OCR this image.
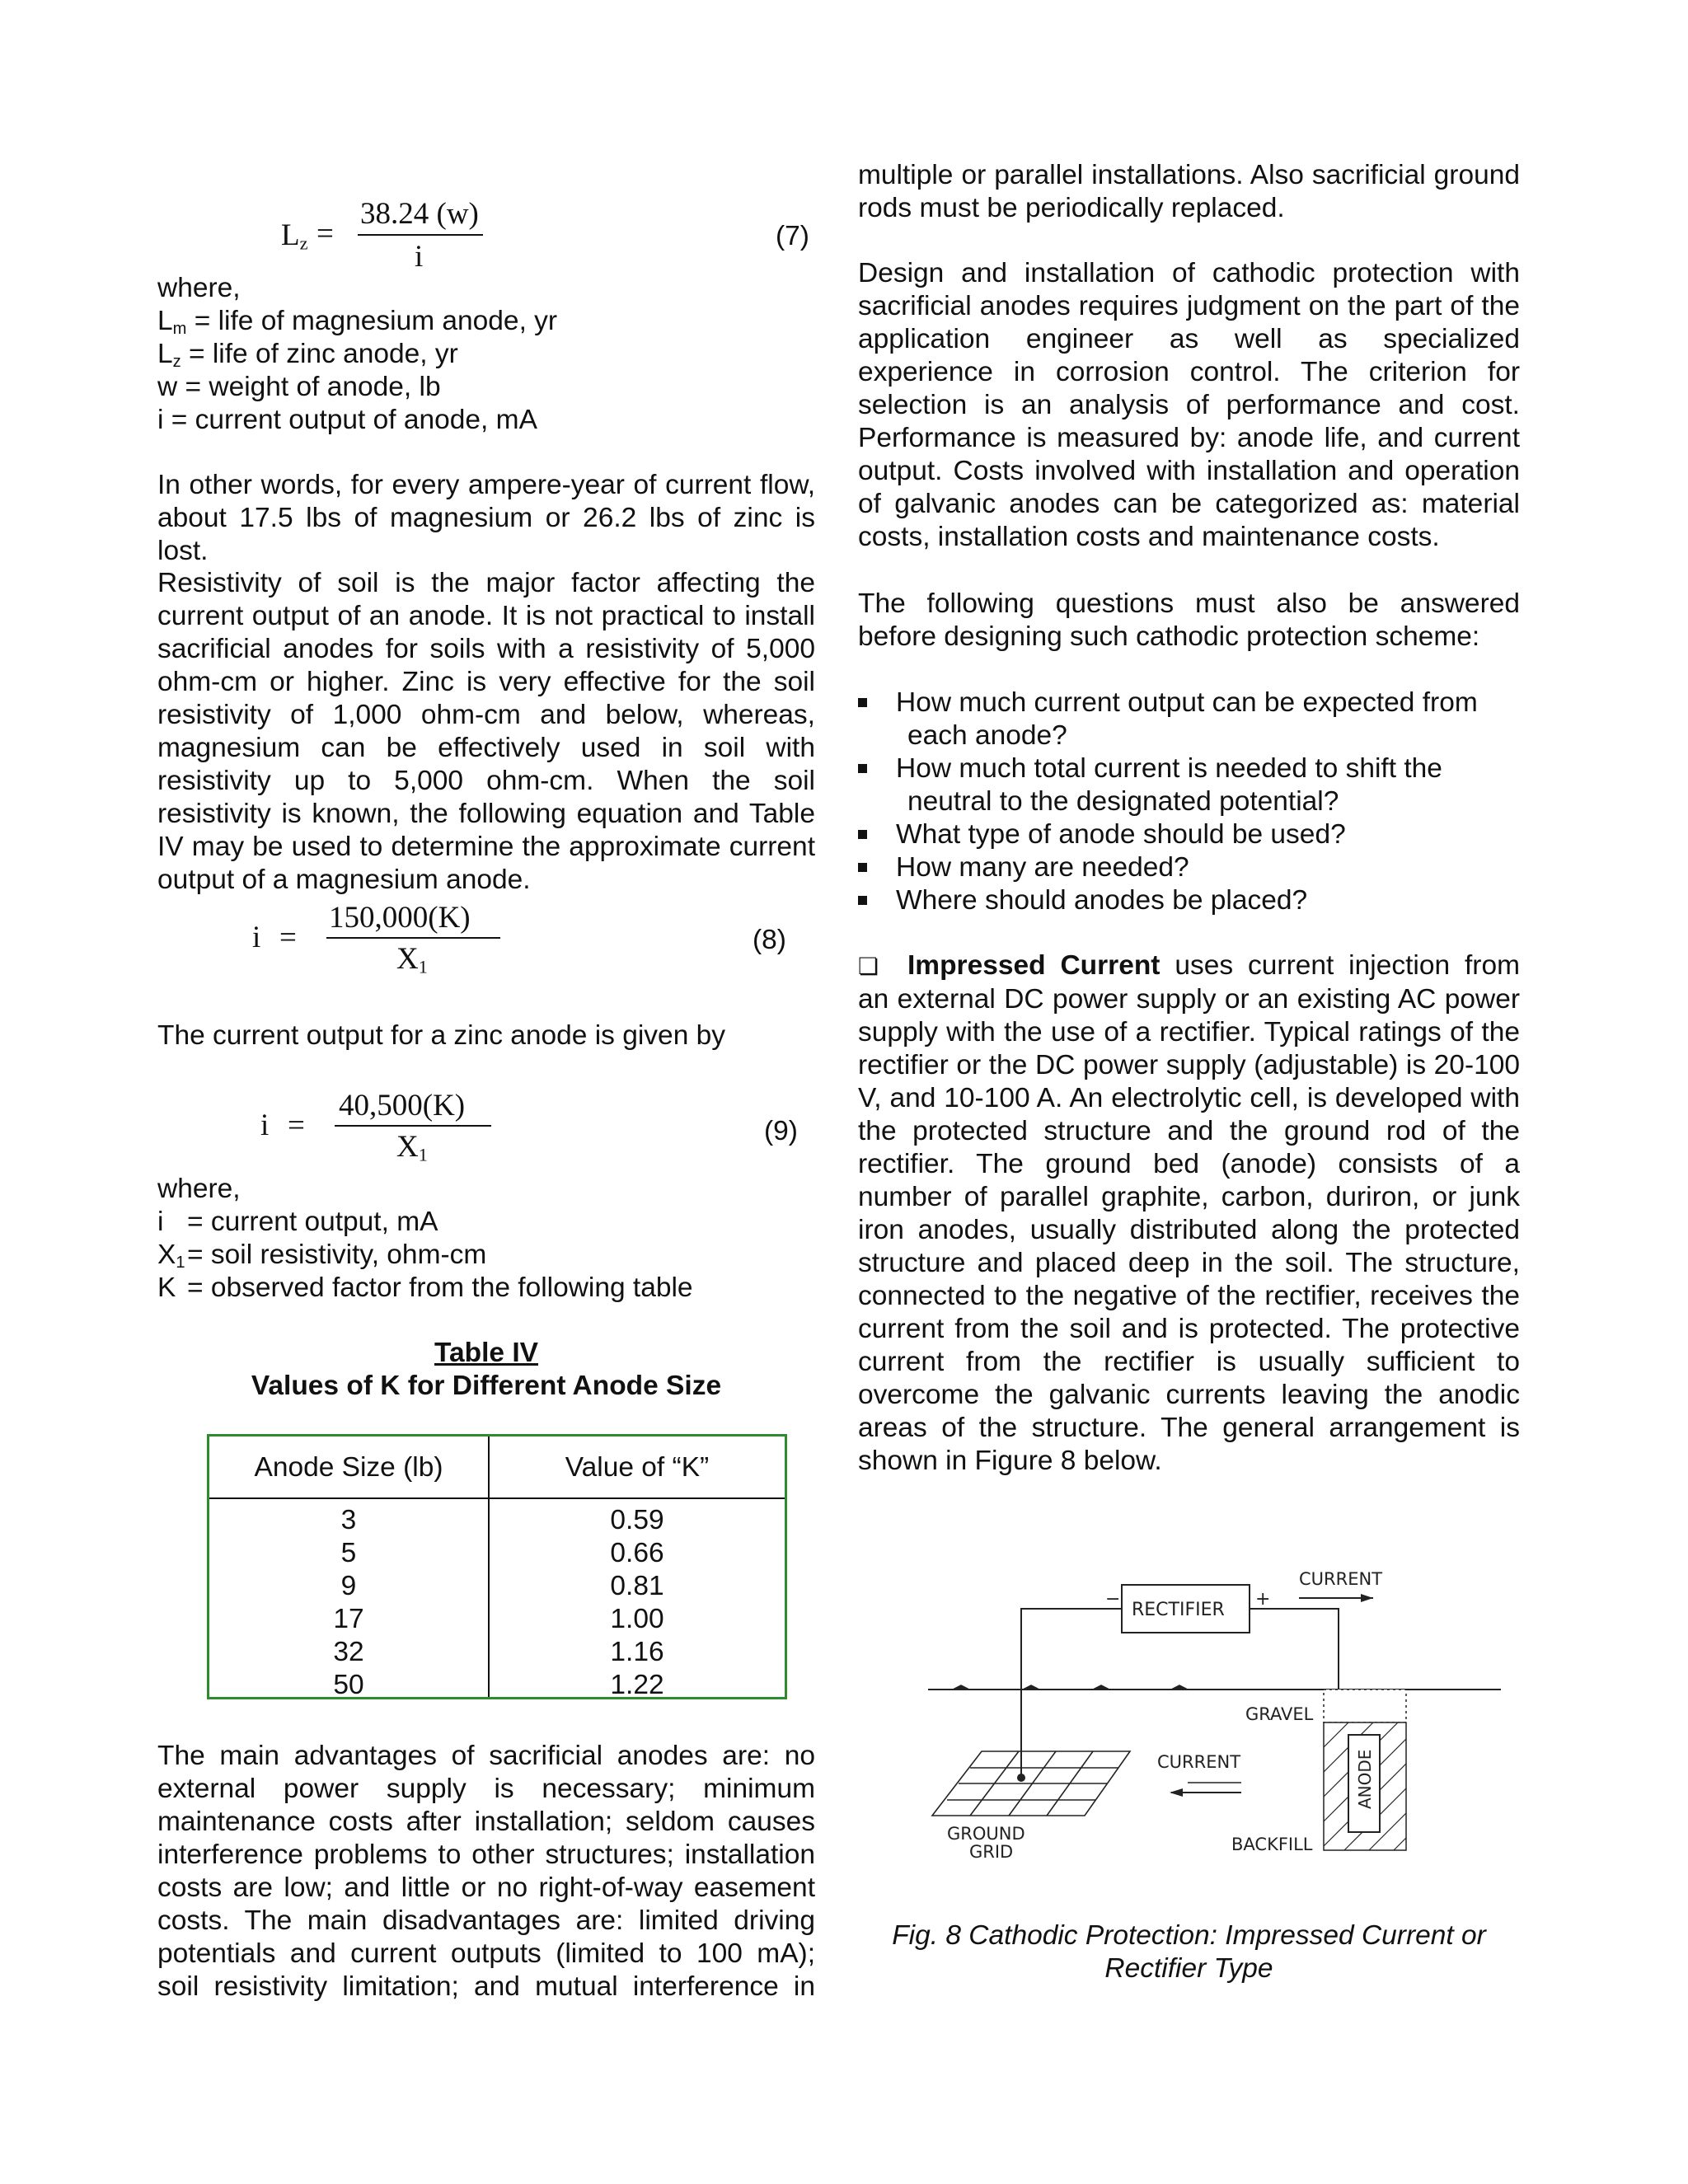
$L_z$ =
38.24 (w)
i
(7)
where,
$L_m$ = life of magnesium anode, yr
$L_z$ = life of zinc anode, yr
w = weight of anode, lb
i = current output of anode, mA

In other words, for every ampere-year of current flow, about 17.5 lbs of magnesium or 26.2 lbs of zinc is lost.

Resistivity of soil is the major factor affecting the current output of an anode. It is not practical to install sacrificial anodes for soils with a resistivity of 5,000 ohm-cm or higher. Zinc is very effective for the soil resistivity of 1,000 ohm-cm and below, whereas, magnesium can be effectively used in soil with resistivity up to 5,000 ohm-cm. When the soil resistivity is known, the following equation and Table IV may be used to determine the approximate current output of a magnesium anode.

i =
150,000(K)
$X_1$
(8)
The current output for a zinc anode is given by
i =
40,500(K)
$X_1$
(9)
where,
i = current output, mA
$X_1=$ soil resistivity, ohm-cm
K = observed factor from the following table
Table IV
Values of K for Different Anode Size
Anode Size (lb)	Value of “K”
3	0.59
5	0.66
9	0.81
17	1.00
32	1.16
50	1.22

The main advantages of sacrificial anodes are: no external power supply is necessary; minimum maintenance costs after installation; seldom causes interference problems to other structures; installation costs are low; and little or no right-of-way easement costs. The main disadvantages are: limited driving potentials and current outputs (limited to 100 mA); soil resistivity limitation; and mutual interference in

multiple or parallel installations. Also sacrificial ground rods must be periodically replaced.

Design and installation of cathodic protection with sacrificial anodes requires judgment on the part of the application engineer as well as specialized experience in corrosion control. The criterion for selection is an analysis of performance and cost. Performance is measured by: anode life, and current output. Costs involved with installation and operation of galvanic anodes can be categorized as: material costs, installation costs and maintenance costs.

The following questions must also be answered before designing such cathodic protection scheme:

How much current output can be expected from
each anode?
How much total current is needed to shift the
neutral to the designated potential?
What type of anode should be used?
How many are needed?
Where should anodes be placed?

❏ Impressed Current uses current injection from an external DC power supply or an existing AC power supply with the use of a rectifier. Typical ratings of the rectifier or the DC power supply (adjustable) is 20-100 V, and 10-100 A. An electrolytic cell, is developed with the protected structure and the ground rod of the rectifier. The ground bed (anode) consists of a number of parallel graphite, carbon, duriron, or junk iron anodes, usually distributed along the protected structure and placed deep in the soil. The structure, connected to the negative of the rectifier, receives the current from the soil and is protected. The protective current from the rectifier is usually sufficient to overcome the galvanic currents leaving the anodic areas of the structure. The general arrangement is shown in Figure 8 below.

RECTIFIER
−	+
CURRENT
GRAVEL
ANODE
BACKFILL
CURRENT
GROUND
GRID
Fig. 8 Cathodic Protection: Impressed Current or Rectifier Type
